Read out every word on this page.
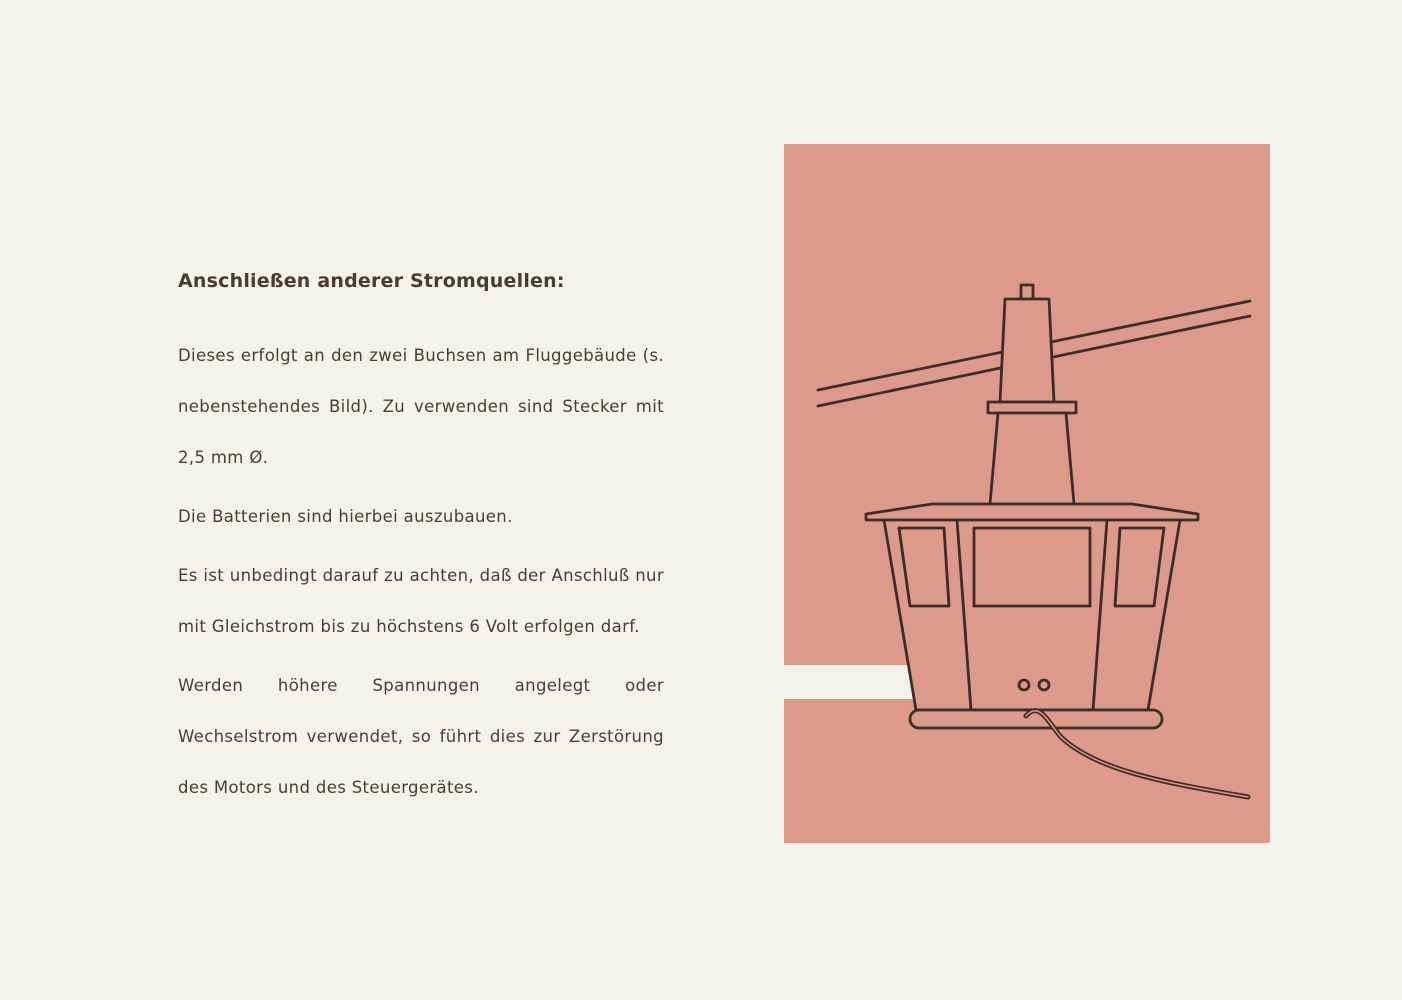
Anschließen anderer Stromquellen:

Dieses erfolgt an den zwei Buchsen am Fluggebäude (s. nebenstehendes Bild). Zu verwenden sind Stecker mit 2,5 mm Ø.

Die Batterien sind hierbei auszubauen.

Es ist unbedingt darauf zu achten, daß der Anschluß nur mit Gleichstrom bis zu höchstens 6 Volt erfolgen darf.

Werden höhere Spannungen angelegt oder Wechselstrom verwendet, so führt dies zur Zerstörung des Motors und des Steuergerätes.
